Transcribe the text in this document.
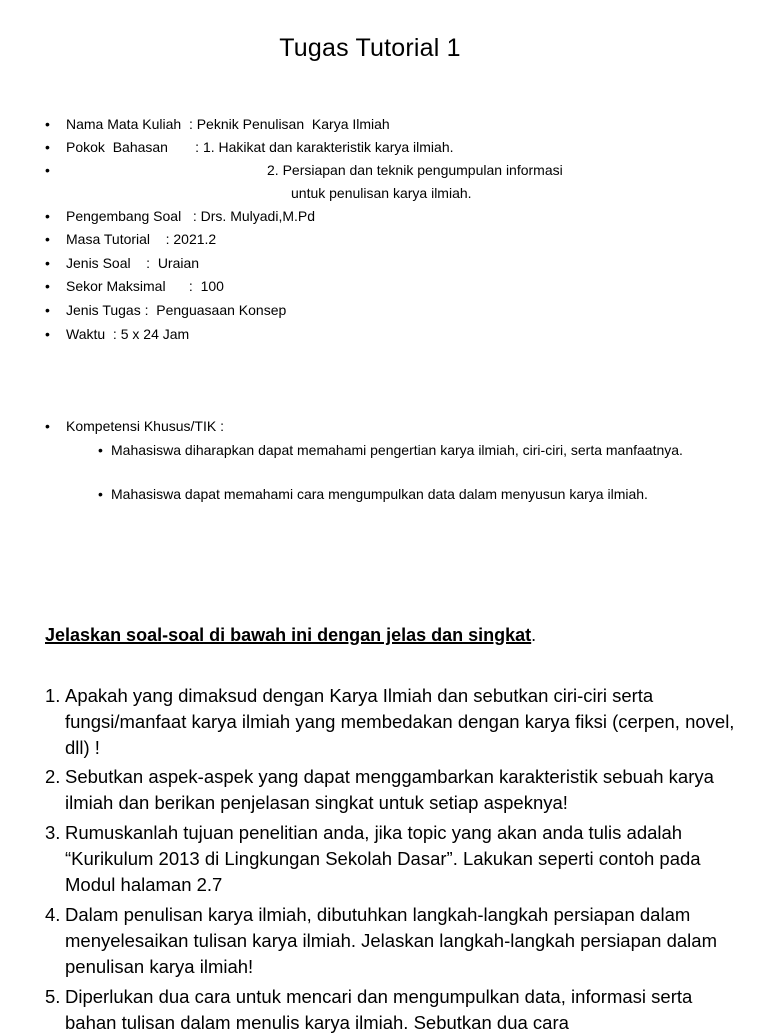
Tugas Tutorial 1
Nama Mata Kuliah  : Peknik Penulisan  Karya Ilmiah
Pokok  Bahasan       : 1. Hakikat dan karakteristik karya ilmiah.
2. Persiapan dan teknik pengumpulan informasi
untuk penulisan karya ilmiah.
Pengembang Soal   : Drs. Mulyadi,M.Pd
Masa Tutorial    : 2021.2
Jenis Soal    :  Uraian
Sekor Maksimal      :  100
Jenis Tugas :  Penguasaan Konsep
Waktu  : 5 x 24 Jam
Kompetensi Khusus/TIK :
• Mahasiswa diharapkan dapat memahami pengertian karya ilmiah, ciri-ciri, serta manfaatnya.
• Mahasiswa dapat memahami cara mengumpulkan data dalam menyusun karya ilmiah.
Jelaskan soal-soal di bawah ini dengan jelas dan singkat.
1. Apakah yang dimaksud dengan Karya Ilmiah dan sebutkan ciri-ciri serta fungsi/manfaat karya ilmiah yang membedakan dengan karya fiksi (cerpen, novel, dll) !
2. Sebutkan aspek-aspek yang dapat menggambarkan karakteristik sebuah karya ilmiah dan berikan penjelasan singkat untuk setiap aspeknya!
3. Rumuskanlah tujuan penelitian anda, jika topic yang akan anda tulis adalah “Kurikulum 2013 di Lingkungan Sekolah Dasar”. Lakukan seperti contoh pada Modul halaman 2.7
4. Dalam penulisan karya ilmiah, dibutuhkan langkah-langkah persiapan dalam menyelesaikan tulisan karya ilmiah. Jelaskan langkah-langkah persiapan dalam penulisan karya ilmiah!
5. Diperlukan dua cara untuk mencari dan mengumpulkan data, informasi serta bahan tulisan dalam menulis karya ilmiah. Sebutkan dua cara
